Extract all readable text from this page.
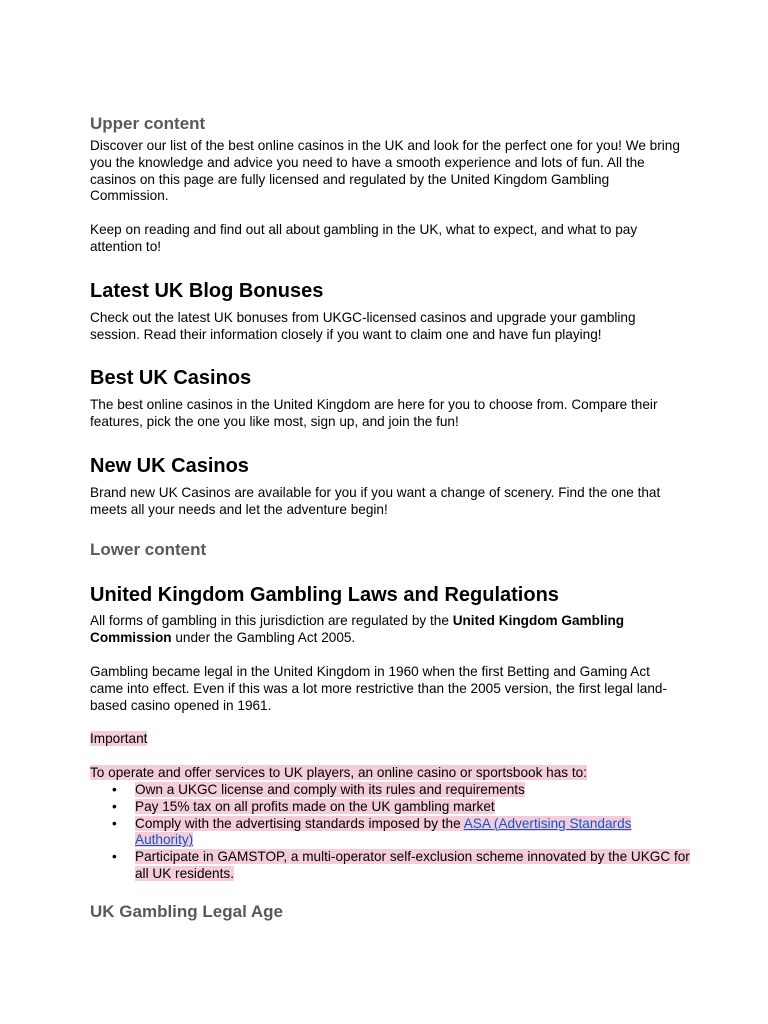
Upper content

Discover our list of the best online casinos in the UK and look for the perfect one for you! We bring you the knowledge and advice you need to have a smooth experience and lots of fun. All the casinos on this page are fully licensed and regulated by the United Kingdom Gambling Commission.

Keep on reading and find out all about gambling in the UK, what to expect, and what to pay attention to!

Latest UK Blog Bonuses

Check out the latest UK bonuses from UKGC-licensed casinos and upgrade your gambling session. Read their information closely if you want to claim one and have fun playing!

Best UK Casinos

The best online casinos in the United Kingdom are here for you to choose from. Compare their features, pick the one you like most, sign up, and join the fun!

New UK Casinos

Brand new UK Casinos are available for you if you want a change of scenery. Find the one that meets all your needs and let the adventure begin!

Lower content
United Kingdom Gambling Laws and Regulations

All forms of gambling in this jurisdiction are regulated by the United Kingdom Gambling Commission under the Gambling Act 2005.

Gambling became legal in the United Kingdom in 1960 when the first Betting and Gaming Act came into effect. Even if this was a lot more restrictive than the 2005 version, the first legal land-based casino opened in 1961.

Important

To operate and offer services to UK players, an online casino or sportsbook has to:

• Own a UKGC license and comply with its rules and requirements
• Pay 15% tax on all profits made on the UK gambling market
• Comply with the advertising standards imposed by the ASA (Advertising Standards Authority)
• Participate in GAMSTOP, a multi-operator self-exclusion scheme innovated by the UKGC for all UK residents.
UK Gambling Legal Age
